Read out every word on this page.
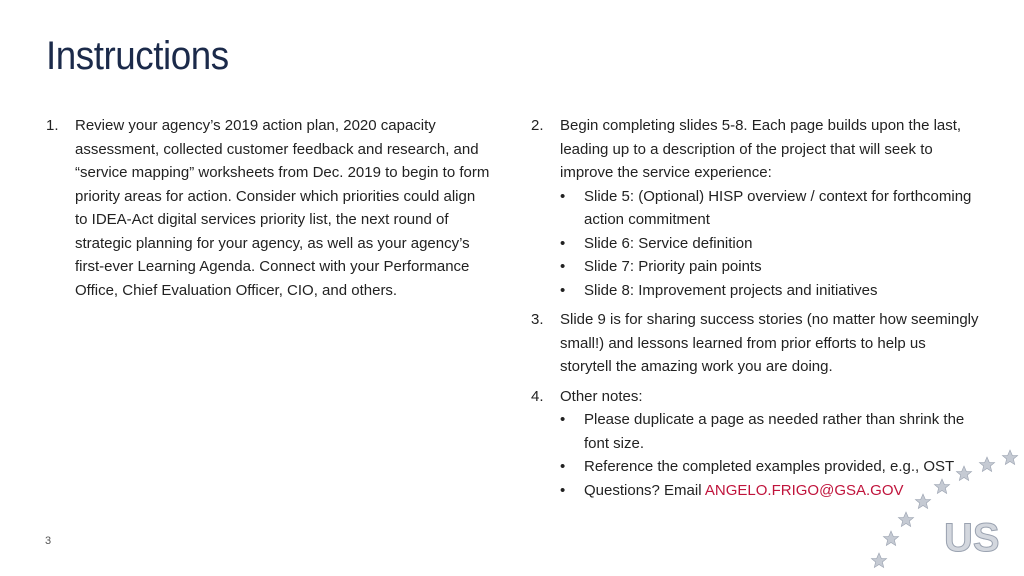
Instructions
1. Review your agency’s 2019 action plan, 2020 capacity assessment, collected customer feedback and research, and “service mapping” worksheets from Dec. 2019 to begin to form priority areas for action. Consider which priorities could align to IDEA-Act digital services priority list, the next round of strategic planning for your agency, as well as your agency’s first-ever Learning Agenda. Connect with your Performance Office, Chief Evaluation Officer, CIO, and others.
2. Begin completing slides 5-8. Each page builds upon the last, leading up to a description of the project that will seek to improve the service experience:
• Slide 5: (Optional) HISP overview / context for forthcoming action commitment
• Slide 6: Service definition
• Slide 7: Priority pain points
• Slide 8: Improvement projects and initiatives
3. Slide 9 is for sharing success stories (no matter how seemingly small!) and lessons learned from prior efforts to help us storytell the amazing work you are doing.
4. Other notes:
• Please duplicate a page as needed rather than shrink the font size.
• Reference the completed examples provided, e.g., OST
• Questions? Email ANGELO.FRIGO@GSA.GOV
3	US
